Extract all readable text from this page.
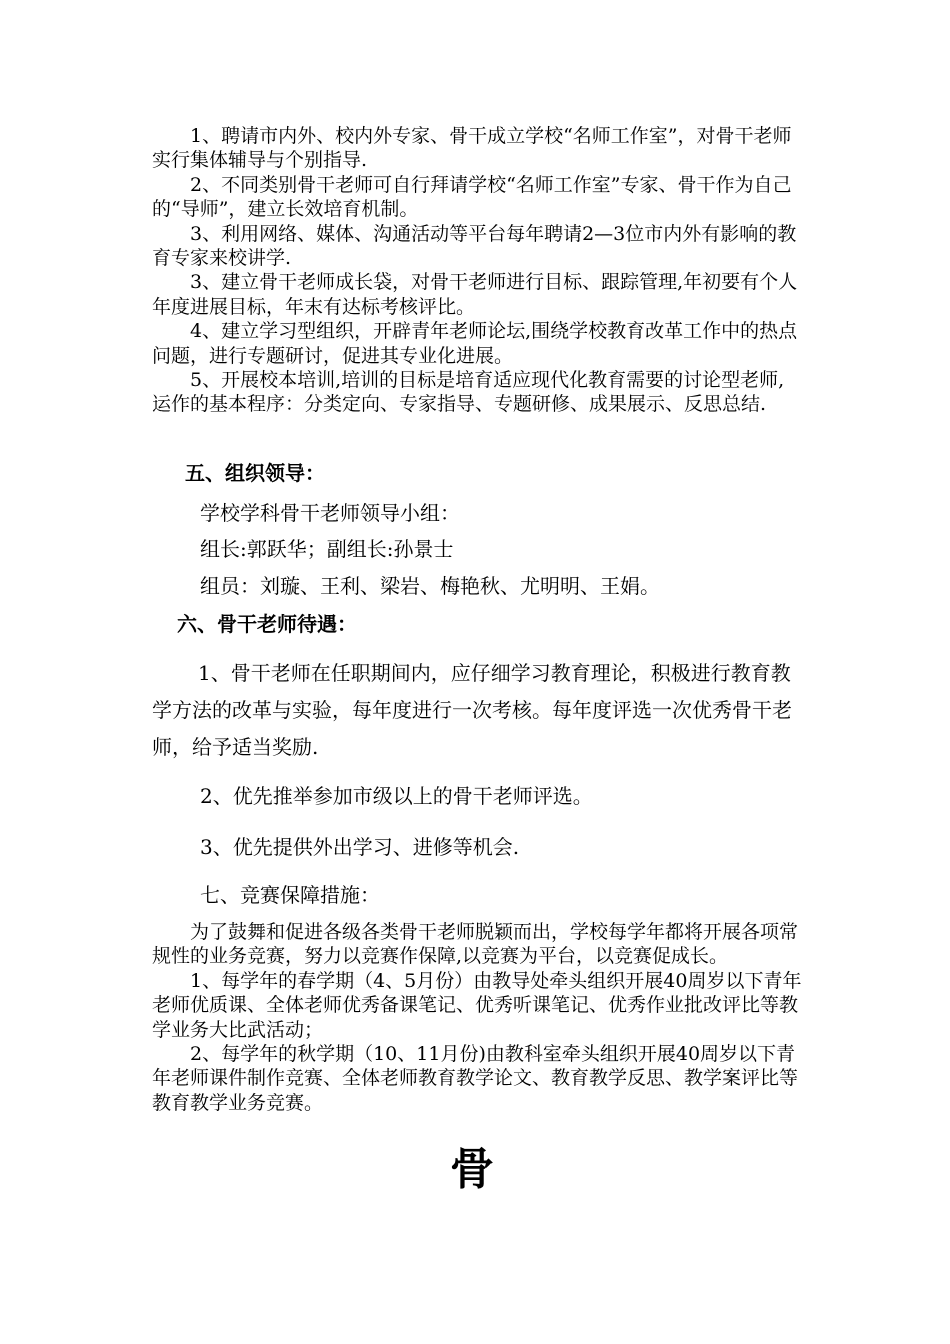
1、聘请市内外、校内外专家、骨干成立学校“名师工作室”，对骨干老师实行集体辅导与个别指导.

2、不同类别骨干老师可自行拜请学校“名师工作室”专家、骨干作为自己的“导师”，建立长效培育机制。

3、利用网络、媒体、沟通活动等平台每年聘请2—3位市内外有影响的教育专家来校讲学.

3、建立骨干老师成长袋，对骨干老师进行目标、跟踪管理,年初要有个人年度进展目标，年末有达标考核评比。

4、建立学习型组织，开辟青年老师论坛,围绕学校教育改革工作中的热点问题，进行专题研讨，促进其专业化进展。

5、开展校本培训,培训的目标是培育适应现代化教育需要的讨论型老师,运作的基本程序：分类定向、专家指导、专题研修、成果展示、反思总结.

五、组织领导：

学校学科骨干老师领导小组：

组长:郭跃华；副组长:孙景士

组员：刘璇、王利、梁岩、梅艳秋、尤明明、王娟。

六、骨干老师待遇：

1、骨干老师在任职期间内，应仔细学习教育理论，积极进行教育教学方法的改革与实验，每年度进行一次考核。每年度评选一次优秀骨干老师，给予适当奖励.

2、优先推举参加市级以上的骨干老师评选。

3、优先提供外出学习、进修等机会.

七、竞赛保障措施：

为了鼓舞和促进各级各类骨干老师脱颖而出，学校每学年都将开展各项常规性的业务竞赛，努力以竞赛作保障,以竞赛为平台，以竞赛促成长。

1、每学年的春学期（4、5月份）由教导处牵头组织开展40周岁以下青年老师优质课、全体老师优秀备课笔记、优秀听课笔记、优秀作业批改评比等教学业务大比武活动；

2、每学年的秋学期（10、11月份)由教科室牵头组织开展40周岁以下青年老师课件制作竞赛、全体老师教育教学论文、教育教学反思、教学案评比等教育教学业务竞赛。

骨
